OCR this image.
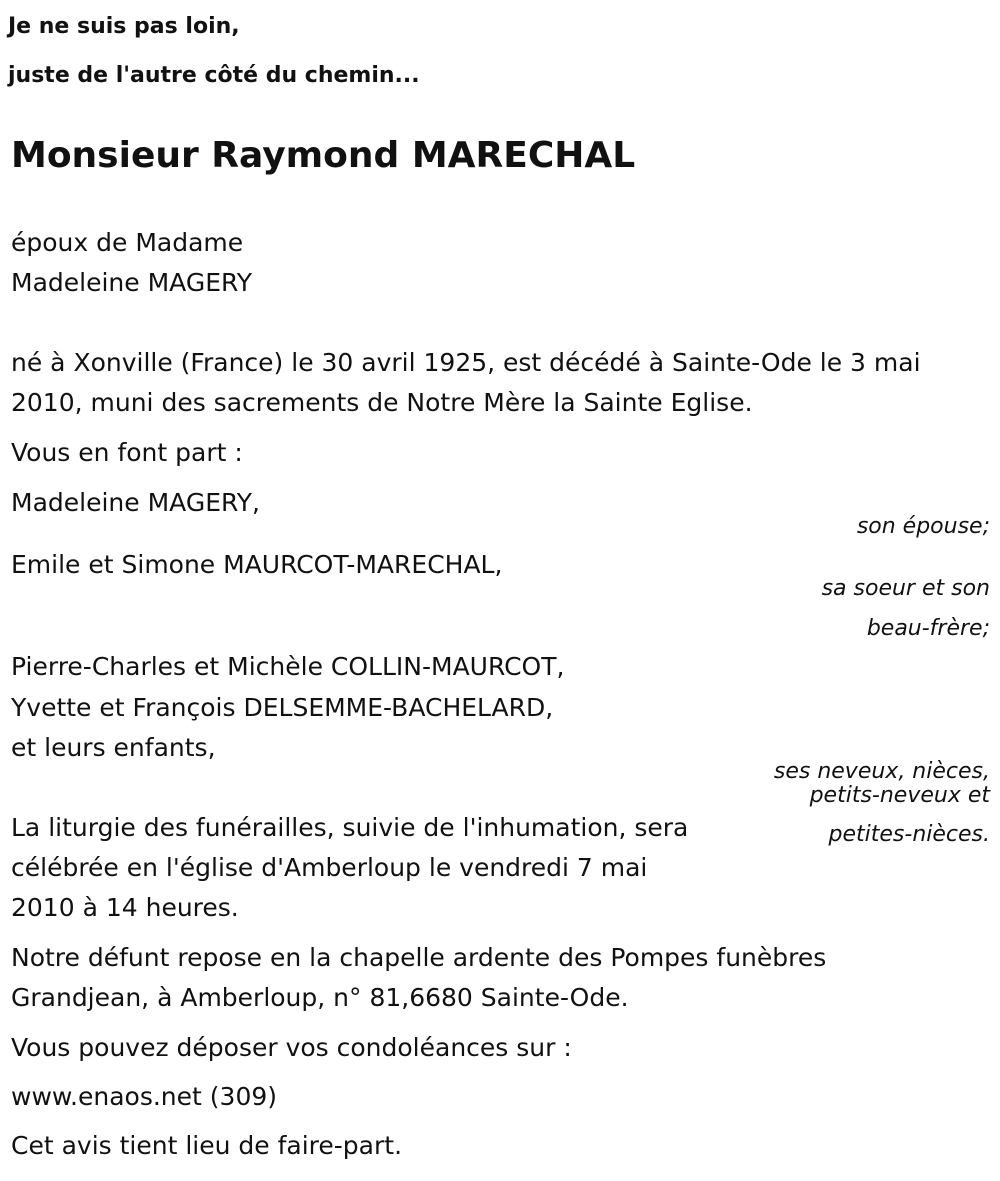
Je ne suis pas loin,
juste de l'autre côté du chemin...
Monsieur Raymond MARECHAL
époux de Madame
Madeleine MAGERY
né à Xonville (France) le 30 avril 1925, est décédé à Sainte-Ode le 3 mai
2010, muni des sacrements de Notre Mère la Sainte Eglise.
Vous en font part :
Madeleine MAGERY,
son épouse;
Emile et Simone MAURCOT-MARECHAL,
sa soeur et son
beau-frère;
Pierre-Charles et Michèle COLLIN-MAURCOT,
Yvette et François DELSEMME-BACHELARD,
et leurs enfants,
ses neveux, nièces,
petits-neveux et
petites-nièces.
La liturgie des funérailles, suivie de l'inhumation, sera
célébrée en l'église d'Amberloup le vendredi 7 mai
2010 à 14 heures.
Notre défunt repose en la chapelle ardente des Pompes funèbres
Grandjean, à Amberloup, n° 81,6680 Sainte-Ode.
Vous pouvez déposer vos condoléances sur :
www.enaos.net (309)
Cet avis tient lieu de faire-part.
